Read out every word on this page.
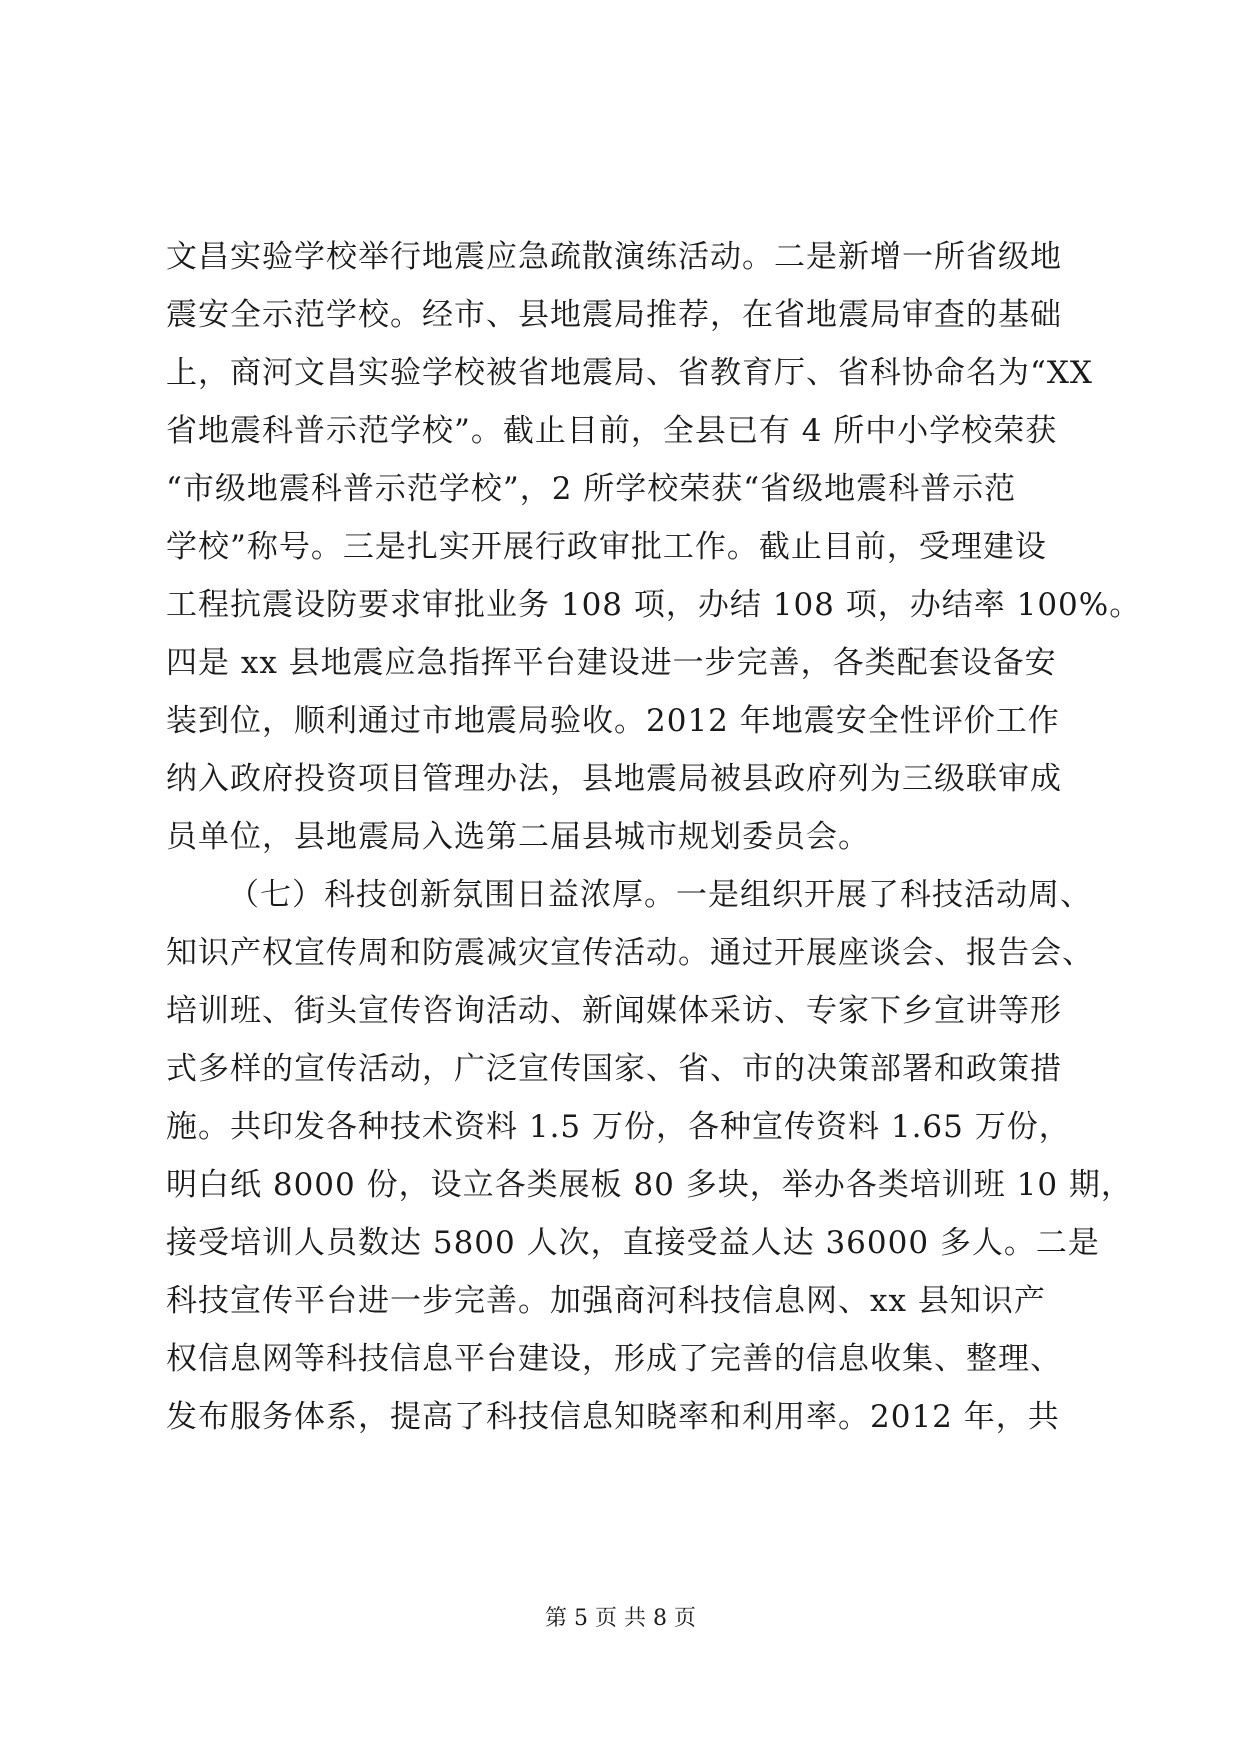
文昌实验学校举行地震应急疏散演练活动。二是新增一所省级地
震安全示范学校。经市、县地震局推荐，在省地震局审查的基础
上，商河文昌实验学校被省地震局、省教育厅、省科协命名为“XX
省地震科普示范学校”。截止目前，全县已有 4 所中小学校荣获
“市级地震科普示范学校”，2 所学校荣获“省级地震科普示范
学校”称号。三是扎实开展行政审批工作。截止目前，受理建设
工程抗震设防要求审批业务 108 项，办结 108 项，办结率 100%。
四是 xx 县地震应急指挥平台建设进一步完善，各类配套设备安
装到位，顺利通过市地震局验收。2012 年地震安全性评价工作
纳入政府投资项目管理办法，县地震局被县政府列为三级联审成
员单位，县地震局入选第二届县城市规划委员会。
（七）科技创新氛围日益浓厚。一是组织开展了科技活动周、
知识产权宣传周和防震减灾宣传活动。通过开展座谈会、报告会、
培训班、街头宣传咨询活动、新闻媒体采访、专家下乡宣讲等形
式多样的宣传活动，广泛宣传国家、省、市的决策部署和政策措
施。共印发各种技术资料 1.5 万份，各种宣传资料 1.65 万份，
明白纸 8000 份，设立各类展板 80 多块，举办各类培训班 10 期，
接受培训人员数达 5800 人次，直接受益人达 36000 多人。二是
科技宣传平台进一步完善。加强商河科技信息网、xx 县知识产
权信息网等科技信息平台建设，形成了完善的信息收集、整理、
发布服务体系，提高了科技信息知晓率和利用率。2012 年，共
第 5 页 共 8 页
